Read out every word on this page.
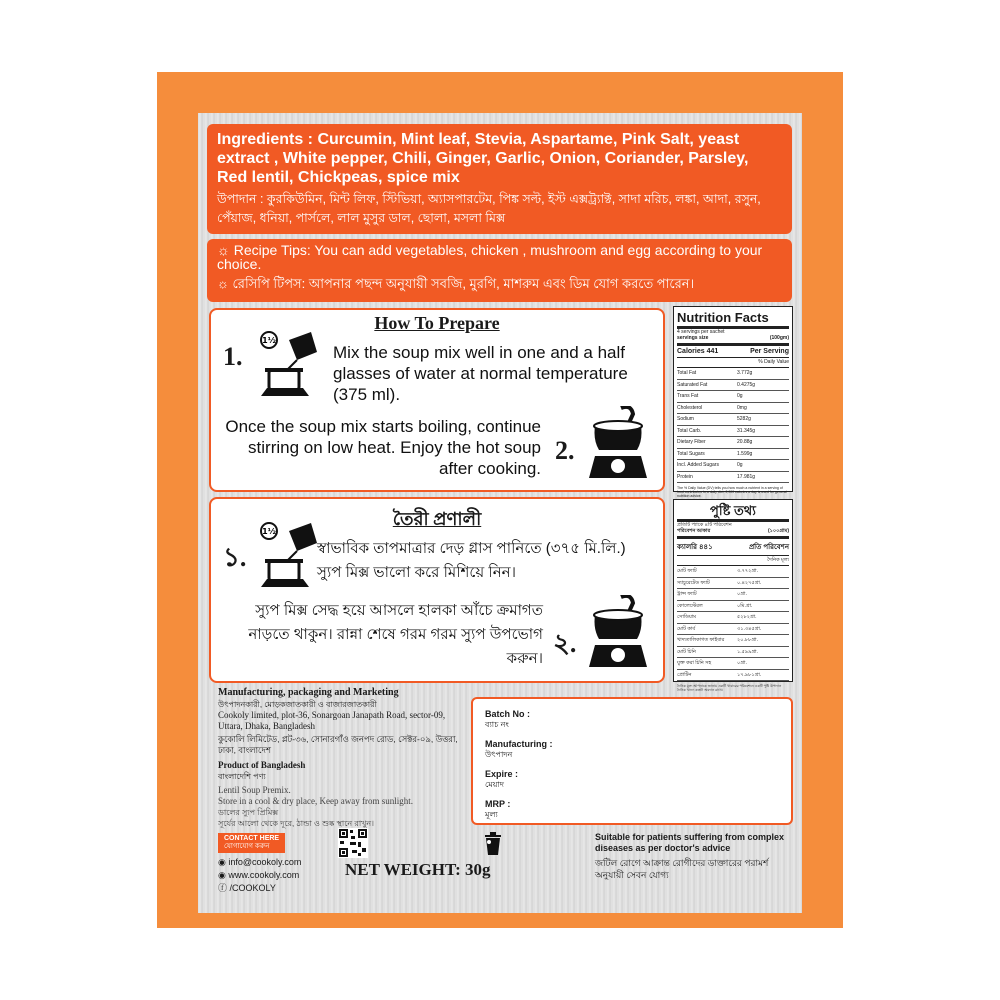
Ingredients : Curcumin, Mint leaf, Stevia, Aspartame, Pink Salt, yeast extract , White pepper, Chili, Ginger, Garlic, Onion, Coriander, Parsley, Red lentil, Chickpeas, spice mix
উপাদান : কুরকিউমিন, মিন্ট লিফ, স্টিভিয়া, অ্যাসপারটেম, পিঙ্ক সল্ট, ইস্ট এক্সট্র্যাক্ট, সাদা মরিচ, লঙ্কা, আদা, রসুন, পেঁয়াজ, ধনিয়া, পার্সলে, লাল মুসুর ডাল, ছোলা, মসলা মিক্স
☼ Recipe Tips: You can add vegetables, chicken , mushroom and egg according to your choice.
☼ রেসিপি টিপস: আপনার পছন্দ অনুযায়ী সবজি, মুরগি, মাশরুম এবং ডিম যোগ করতে পারেন।
How To Prepare
1.
1½
Mix the soup mix well in one and a half glasses of water at normal temperature (375 ml).
Once the soup mix starts boiling, continue stirring on low heat. Enjoy the hot soup after cooking.
2.
তৈরী প্রণালী
১.
1½
স্বাভাবিক তাপমাত্রার দেড় গ্লাস পানিতে (৩৭৫ মি.লি.) স্যুপ মিক্স ভালো করে মিশিয়ে নিন।
স্যুপ মিক্স সেদ্ধ হয়ে আসলে হালকা আঁচে ক্রমাগত নাড়তে থাকুন। রান্না শেষে গরম গরম স্যুপ উপভোগ করুন।
২.
Nutrition Facts
4 servings per sachet
servings size	(100gm)
Calories 441	Per Serving
% Daily Value
Total Fat	3.772g
Saturated Fat	0.4275g
Trans Fat	0g
Cholesterol	0mg
Sodium	5282g
Total Carb.	31.345g
Dietary Fiber	20.88g
Total Sugars	1.599g
Incl. Added Sugars	0g
Protein	17.981g
The % Daily Value (DV) tells you how much a nutrient in a serving of food contributes to a daily diet. 2,000 calories a day is used for general nutrition advice.
পুষ্টি তথ্য
প্রতিটি প্যাকে ৪টি পরিবেশন
পরিবেশন আকার	(১০০গ্রাম)
ক্যালরি ৪৪১	প্রতি পরিবেশন
দৈনিক মূল্য
মোট ফ্যাট	৩.৭৭২গ্রা.
স্যাচুরেটেড ফ্যাট	০.৪২৭৫গ্রা.
ট্রান্স ফ্যাট	০গ্রা.
কোলেস্টেরল	০মি.গ্রা.
সোডিয়াম	৫২৮২গ্রা.
মোট কার্ব	৩১.৩৪৫গ্রা.
খাদ্যতালিকাগত ফাইবার	২০.৮৮গ্রা.
মোট চিনি	১.৫৯৯গ্রা.
যুক্ত করা চিনি সহ	০গ্রা.
প্রোটিন	১৭.৯৮১গ্রা.
দৈনিক মূল্য আপনাকে জানায় একটি খাবারের পরিবেশনে একটি পুষ্টি উপাদান দৈনিক খাদ্যে কতটা অবদান রাখে।
Manufacturing, packaging and Marketing
উৎপাদনকারী, মোড়কজাতকারী ও বাজারজাতকারী
Cookoly limited, plot-36, Sonargoan Janapath Road, sector-09, Uttara, Dhaka, Bangladesh
কুকোলি লিমিটেড, প্লট-৩৬, সোনারগাঁও জনপদ রোড, সেক্টর-০৯, উত্তরা, ঢাকা, বাংলাদেশ
Product of Bangladesh
বাংলাদেশি পণ্য
Lentil Soup Premix.
Store in a cool & dry place, Keep away from sunlight.
ডালের স্যুপ প্রিমিক্স
সূর্যের আলো থেকে দূরে, ঠান্ডা ও শুষ্ক স্থানে রাখুন।
CONTACT HERE
যোগাযোগ করুন
◉ info@cookoly.com
◉ www.cookoly.com
ⓕ /COOKOLY
NET WEIGHT: 30g
Batch No :
ব্যাচ নং
Manufacturing :
উৎপাদন
Expire :
মেয়াদ
MRP :
মূল্য
Suitable for patients suffering from complex diseases as per doctor's advice
জটিল রোগে আক্রান্ত রোগীদের ডাক্তারের পরামর্শ অনুযায়ী সেবন যোগ্য
